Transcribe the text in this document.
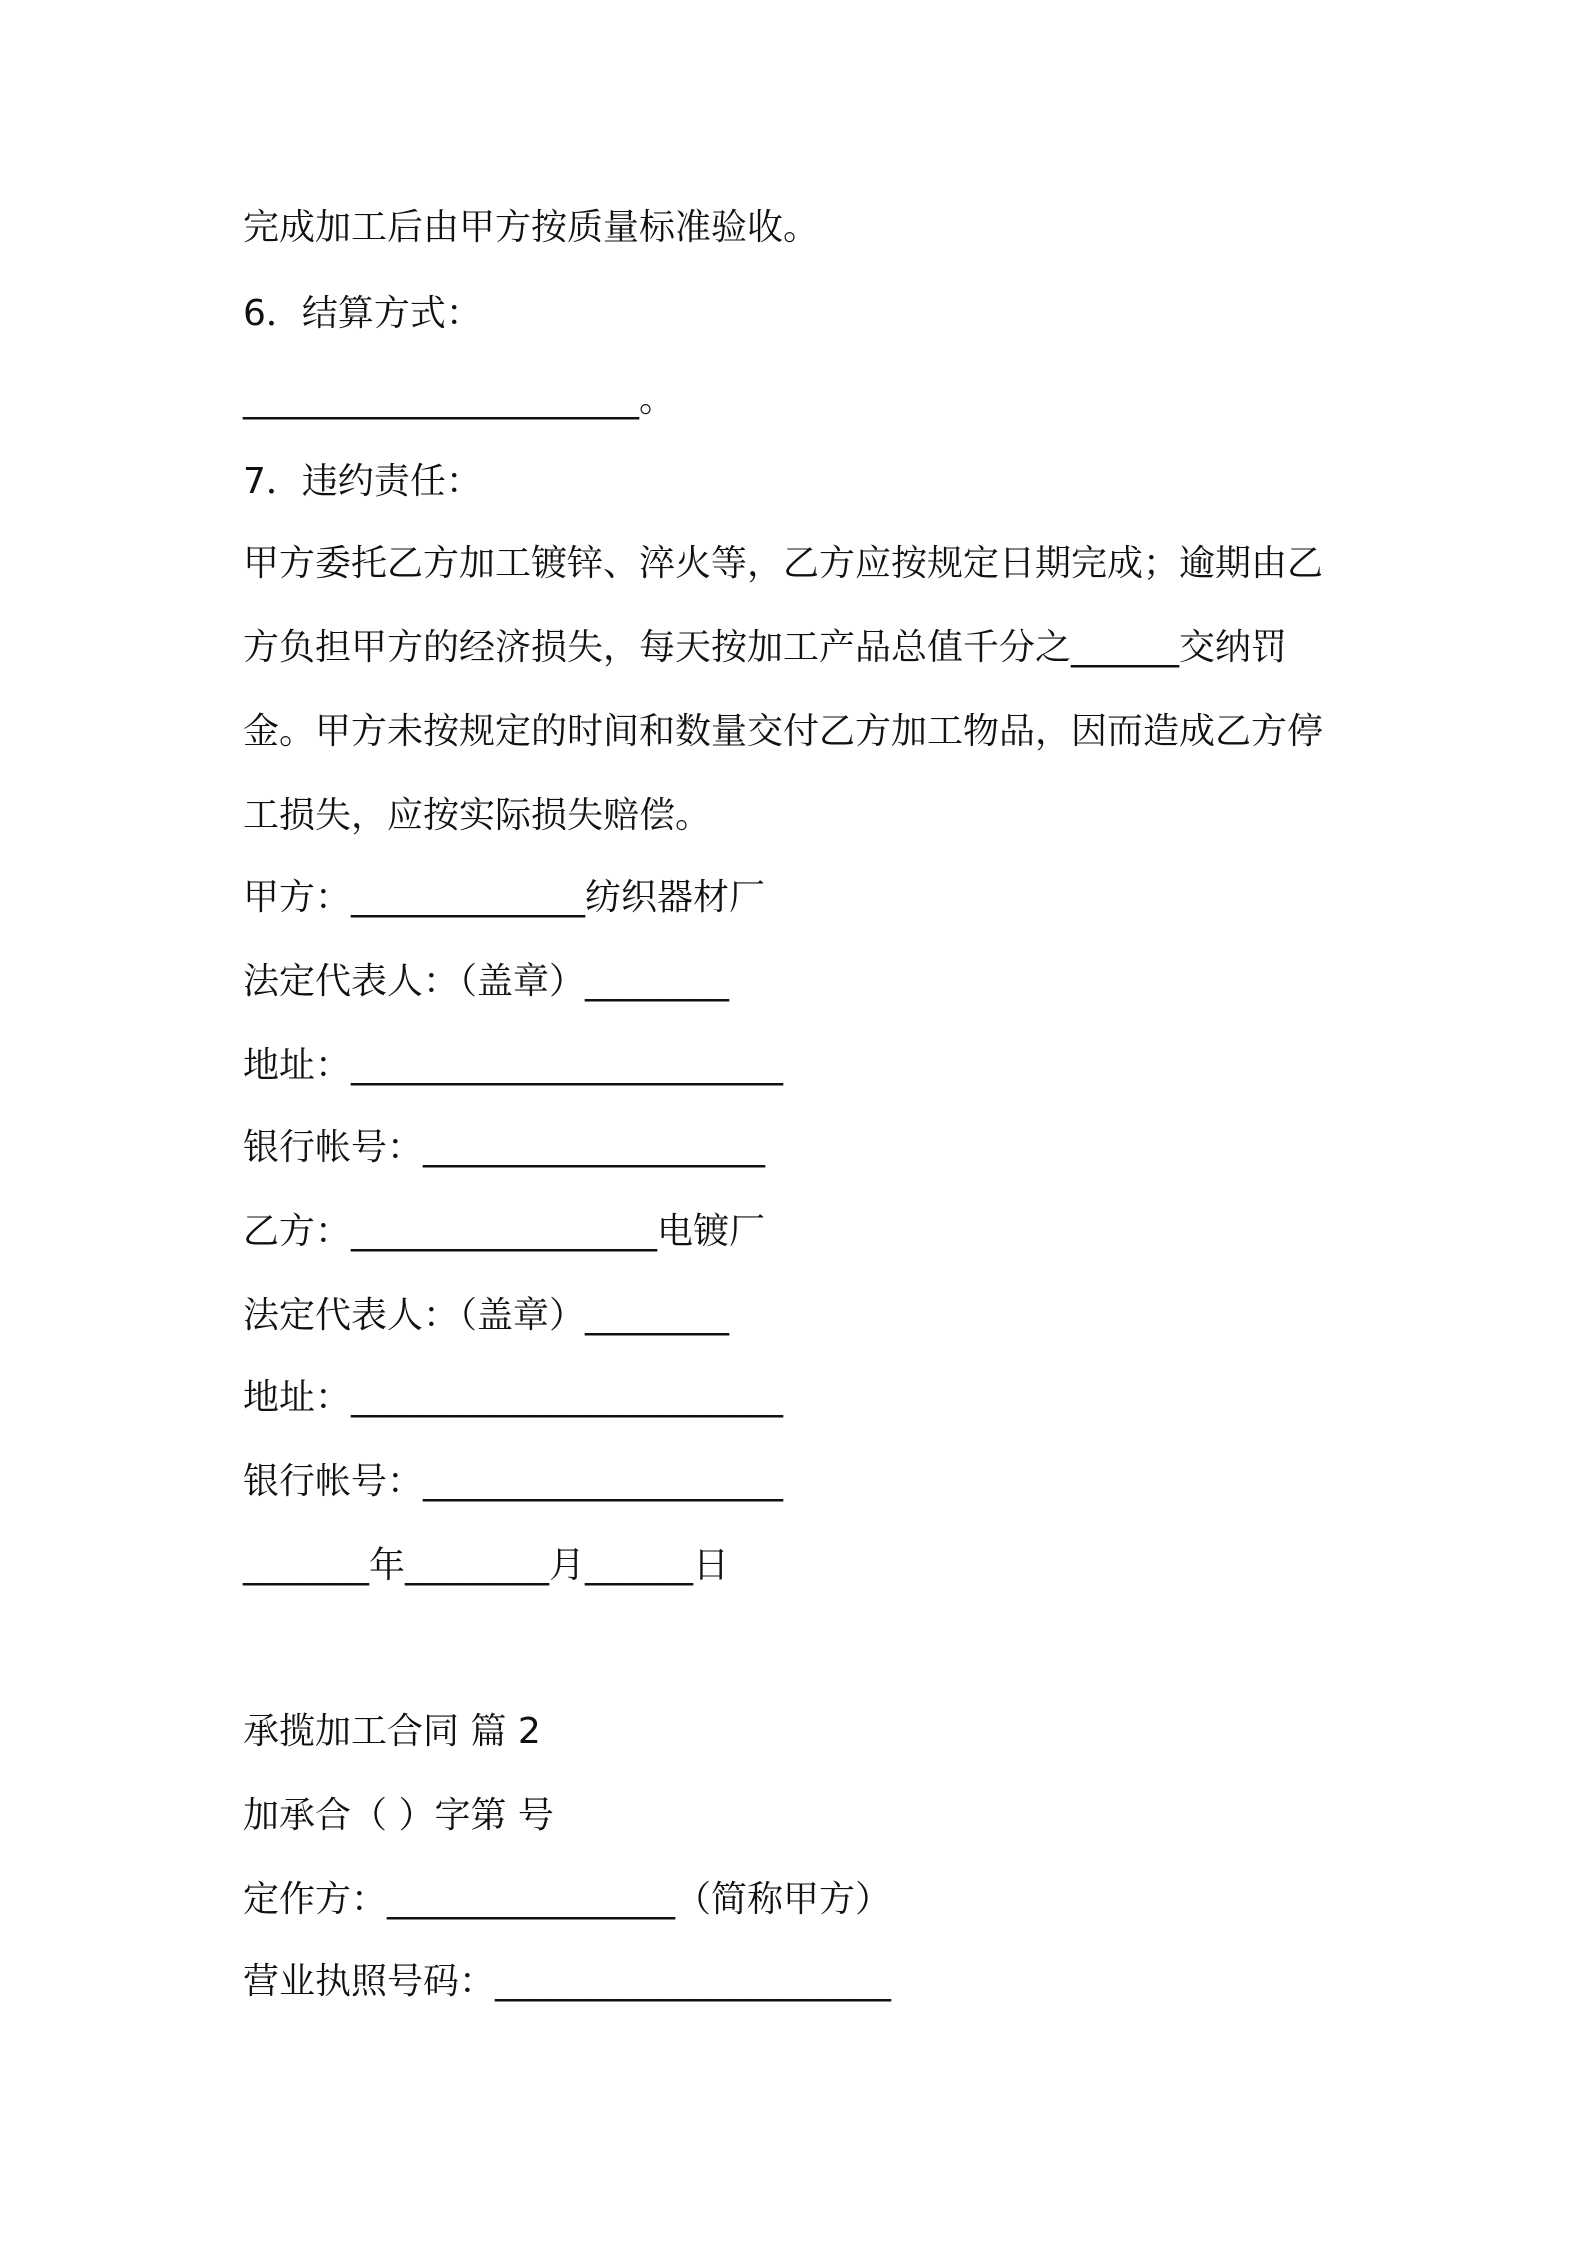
完成加工后由甲方按质量标准验收。
6．结算方式：
______________________。
7．违约责任：
甲方委托乙方加工镀锌、淬火等，乙方应按规定日期完成；逾期由乙
方负担甲方的经济损失，每天按加工产品总值千分之______交纳罚
金。甲方未按规定的时间和数量交付乙方加工物品，因而造成乙方停
工损失，应按实际损失赔偿。
甲方：_____________纺织器材厂
法定代表人：（盖章）________
地址：________________________
银行帐号：___________________
乙方：_________________电镀厂
法定代表人：（盖章）________
地址：________________________
银行帐号：____________________
_______年________月______日
承揽加工合同 篇 2
加承合（ ）字第 号
定作方：________________（简称甲方）
营业执照号码：______________________
